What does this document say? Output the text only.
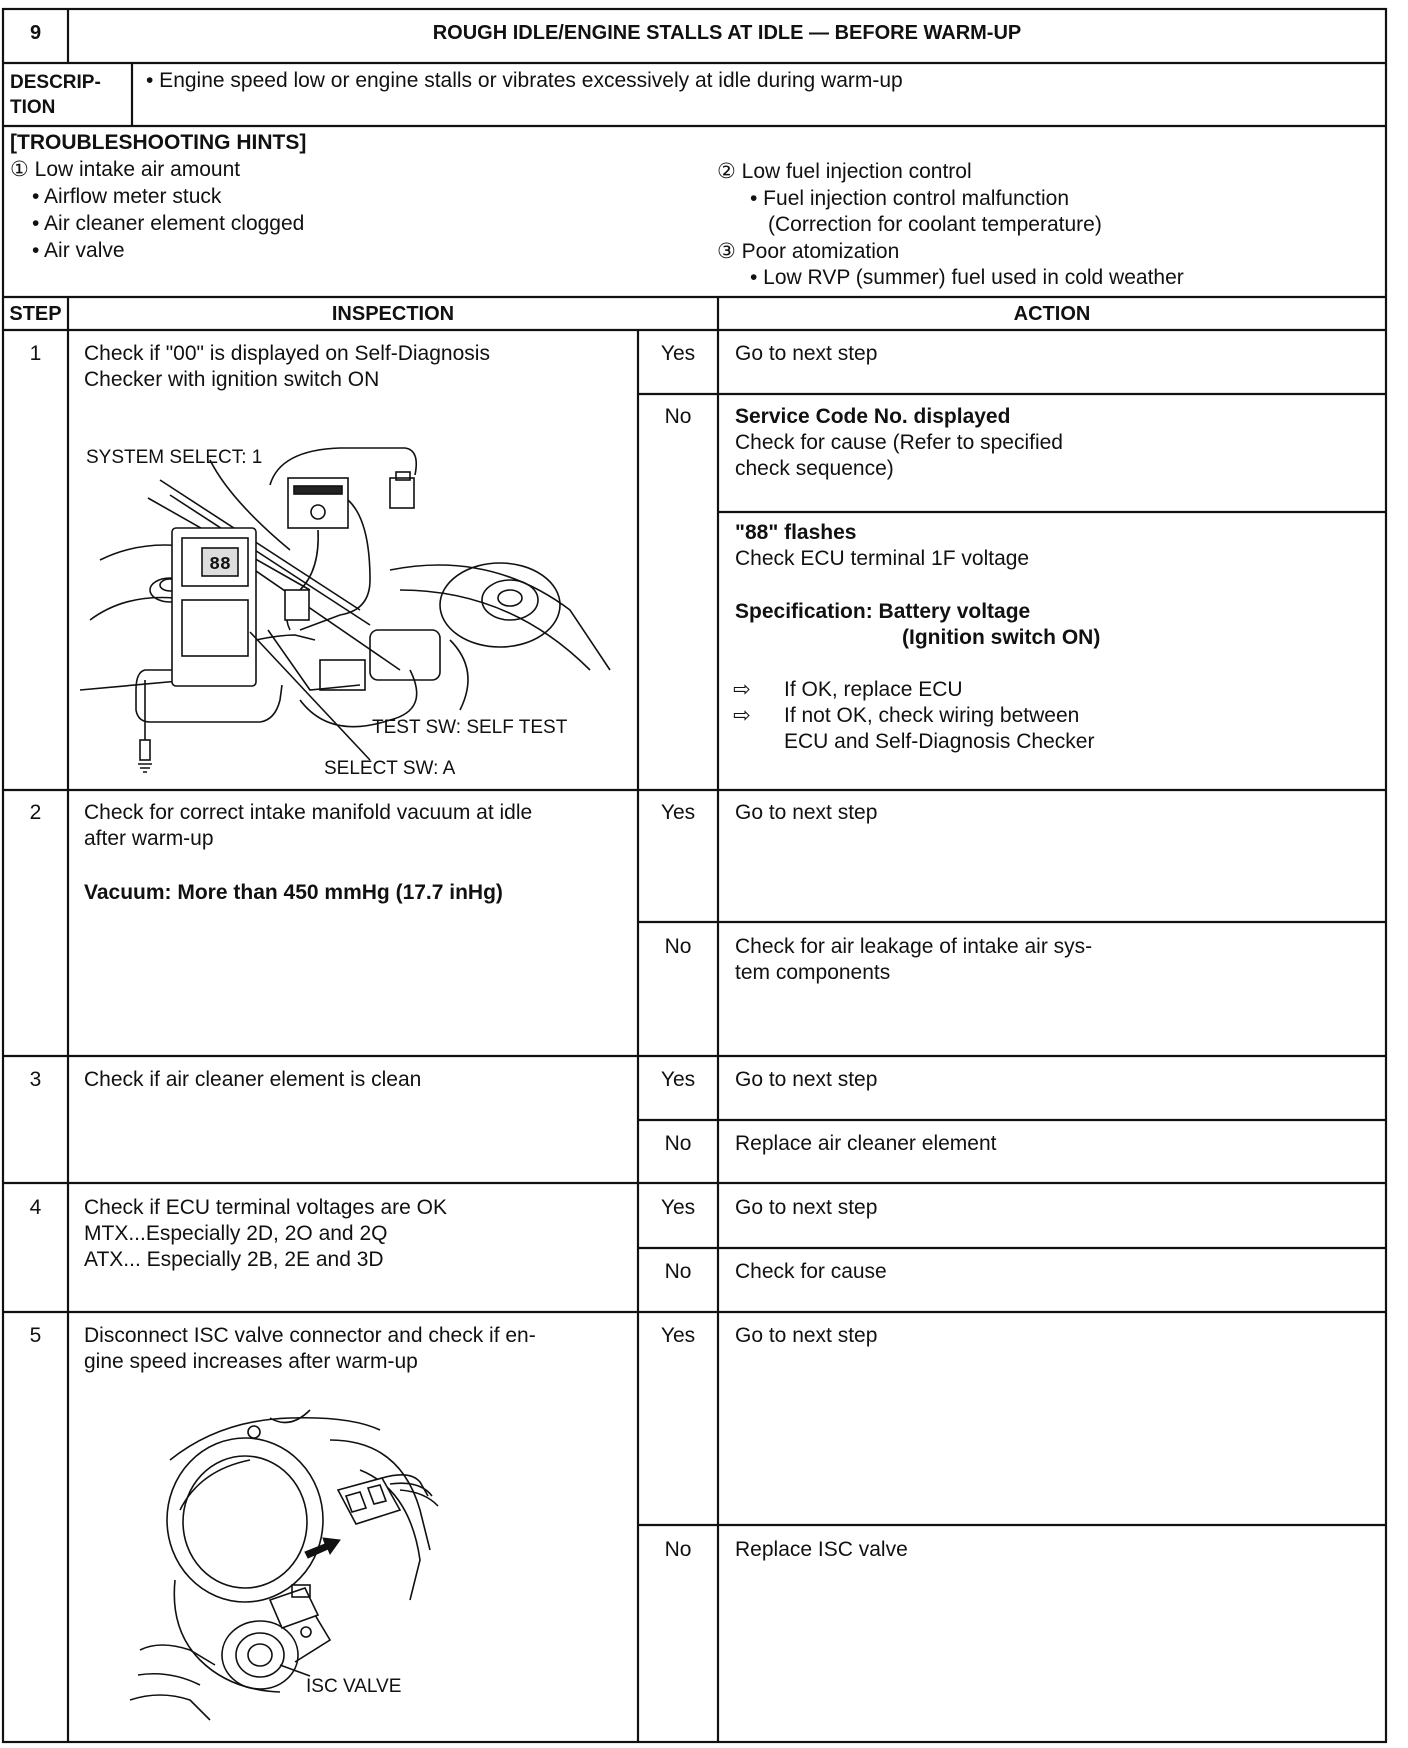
9	ROUGH IDLE/ENGINE STALLS AT IDLE — BEFORE WARM-UP
DESCRIP-
TION
• Engine speed low or engine stalls or vibrates excessively at idle during warm-up
[TROUBLESHOOTING HINTS]
① Low intake air amount
• Airflow meter stuck
• Air cleaner element clogged
• Air valve
② Low fuel injection control
• Fuel injection control malfunction
(Correction for coolant temperature)
③ Poor atomization
• Low RVP (summer) fuel used in cold weather
STEP	INSPECTION	ACTION
1	Check if "00" is displayed on Self-Diagnosis
Checker with ignition switch ON
SYSTEM SELECT: 1
TEST SW: SELF TEST
SELECT SW: A
88
Yes	Go to next step
No	Service Code No. displayed
Check for cause (Refer to specified
check sequence)
"88" flashes
Check ECU terminal 1F voltage
Specification: Battery voltage
(Ignition switch ON)
⇨ If OK, replace ECU
⇨ If not OK, check wiring between
ECU and Self-Diagnosis Checker
2	Check for correct intake manifold vacuum at idle
after warm-up
Vacuum: More than 450 mmHg (17.7 inHg)
Yes	Go to next step
No	Check for air leakage of intake air sys-
tem components
3	Check if air cleaner element is clean	Yes	Go to next step
No	Replace air cleaner element
4	Check if ECU terminal voltages are OK
MTX...Especially 2D, 2O and 2Q
ATX... Especially 2B, 2E and 3D
Yes	Go to next step
No	Check for cause
5	Disconnect ISC valve connector and check if en-
gine speed increases after warm-up
ISC VALVE
Yes	Go to next step
No	Replace ISC valve
